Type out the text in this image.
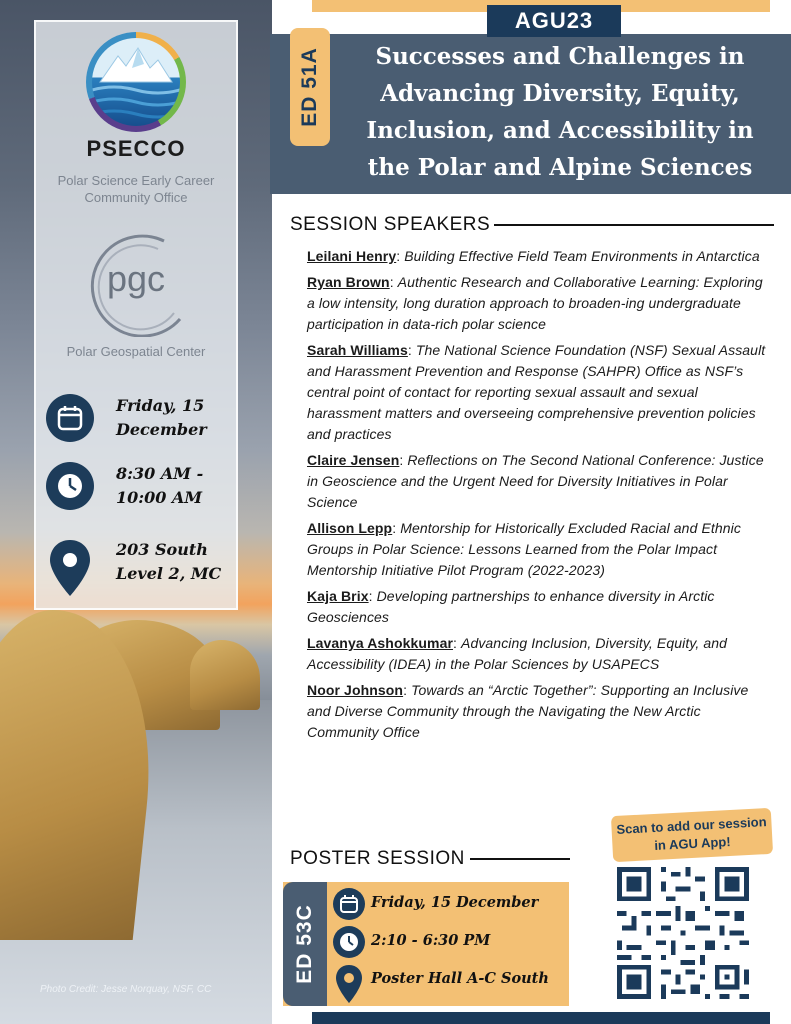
Photo Credit: Jesse Norquay, NSF, CC
PSECCO
Polar Science Early Career Community Office
pgc
Polar Geospatial Center
Friday, 15 December
8:30 AM - 10:00 AM
203 South Level 2, MC
AGU23
ED 51A	Successes and Challenges in Advancing Diversity, Equity, Inclusion, and Accessibility in the Polar and Alpine Sciences
SESSION SPEAKERS
Leilani Henry: Building Effective Field Team Environments in Antarctica
Ryan Brown: Authentic Research and Collaborative Learning: Exploring a low intensity, long duration approach to broaden-ing undergraduate participation in data-rich polar science
Sarah Williams: The National Science Foundation (NSF) Sexual Assault and Harassment Prevention and Response (SAHPR) Office as NSF’s central point of contact for reporting sexual assault and sexual harassment matters and overseeing comprehensive prevention policies and practices
Claire Jensen: Reflections on The Second National Conference: Justice in Geoscience and the Urgent Need for Diversity Initiatives in Polar Science
Allison Lepp: Mentorship for Historically Excluded Racial and Ethnic Groups in Polar Science: Lessons Learned from the Polar Impact Mentorship Initiative Pilot Program (2022-2023)
Kaja Brix: Developing partnerships to enhance diversity in Arctic Geosciences
Lavanya Ashokkumar: Advancing Inclusion, Diversity, Equity, and Accessibility (IDEA) in the Polar Sciences by USAPECS
Noor Johnson: Towards an “Arctic Together”: Supporting an Inclusive and Diverse Community through the Navigating the New Arctic Community Office
POSTER SESSION
ED 53C
Friday, 15 December
2:10 - 6:30 PM
Poster Hall A-C South
Scan to add our session in AGU App!
